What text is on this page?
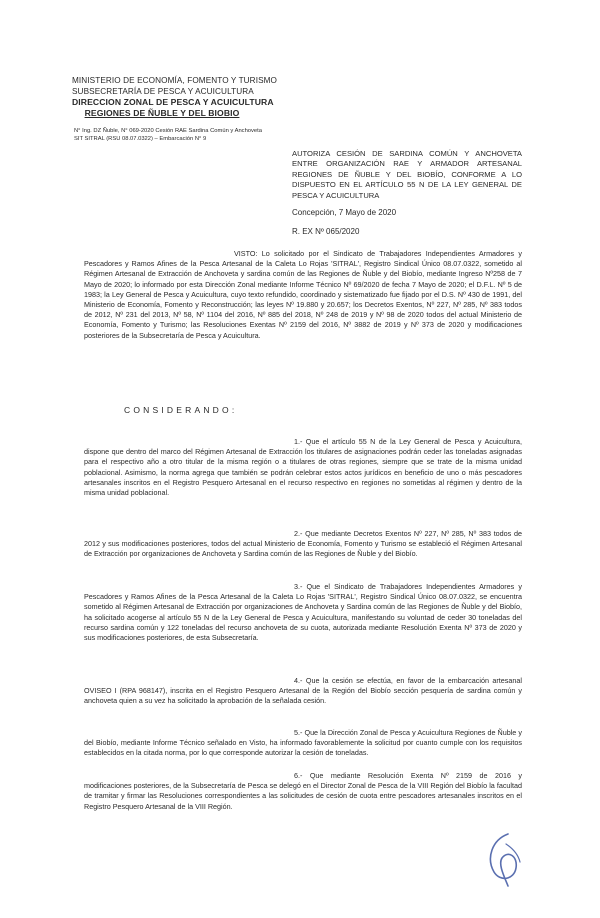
MINISTERIO DE ECONOMÍA, FOMENTO Y TURISMO
SUBSECRETARÍA DE PESCA Y ACUICULTURA
DIRECCION ZONAL DE PESCA Y ACUICULTURA
REGIONES DE ÑUBLE Y DEL BIOBIO
N° Ing. DZ Ñuble, N° 069-2020 Cesión RAE Sardina Común y Anchoveta
SIT SITRAL (RSU 08.07.0322) – Embarcación N° 9
AUTORIZA CESIÓN DE SARDINA COMÚN Y ANCHOVETA ENTRE ORGANIZACIÓN RAE Y ARMADOR ARTESANAL REGIONES DE ÑUBLE Y DEL BIOBÍO, CONFORME A LO DISPUESTO EN EL ARTÍCULO 55 N DE LA LEY GENERAL DE PESCA Y ACUICULTURA
Concepción, 7 Mayo de 2020
R. EX Nº 065/2020
VISTO: Lo solicitado por el Sindicato de Trabajadores Independientes Armadores y Pescadores y Ramos Afines de la Pesca Artesanal de la Caleta Lo Rojas 'SITRAL', Registro Sindical Único 08.07.0322, sometido al Régimen Artesanal de Extracción de Anchoveta y sardina común de las Regiones de Ñuble y del Biobío, mediante Ingreso Nº258 de 7 Mayo de 2020; lo informado por esta Dirección Zonal mediante Informe Técnico Nº 69/2020 de fecha 7 Mayo de 2020; el D.F.L. Nº 5 de 1983; la Ley General de Pesca y Acuicultura, cuyo texto refundido, coordinado y sistematizado fue fijado por el D.S. Nº 430 de 1991, del Ministerio de Economía, Fomento y Reconstrucción; las leyes Nº 19.880 y 20.657; los Decretos Exentos, Nº 227, Nº 285, Nº 383 todos de 2012, Nº 231 del 2013, Nº 58, Nº 1104 del 2016, Nº 885 del 2018, Nº 248 de 2019 y Nº 98 de 2020 todos del actual Ministerio de Economía, Fomento y Turismo; las Resoluciones Exentas Nº 2159 del 2016, Nº 3882 de 2019 y Nº 373 de 2020 y modificaciones posteriores de la Subsecretaría de Pesca y Acuicultura.
CONSIDERANDO:
1.- Que el artículo 55 N de la Ley General de Pesca y Acuicultura, dispone que dentro del marco del Régimen Artesanal de Extracción los titulares de asignaciones podrán ceder las toneladas asignadas para el respectivo año a otro titular de la misma región o a titulares de otras regiones, siempre que se trate de la misma unidad poblacional. Asimismo, la norma agrega que también se podrán celebrar estos actos jurídicos en beneficio de uno o más pescadores artesanales inscritos en el Registro Pesquero Artesanal en el recurso respectivo en regiones no sometidas al régimen y dentro de la misma unidad poblacional.
2.- Que mediante Decretos Exentos Nº 227, Nº 285, Nº 383 todos de 2012 y sus modificaciones posteriores, todos del actual Ministerio de Economía, Fomento y Turismo se estableció el Régimen Artesanal de Extracción por organizaciones de Anchoveta y Sardina común de las Regiones de Ñuble y del Biobío.
3.- Que el Sindicato de Trabajadores Independientes Armadores y Pescadores y Ramos Afines de la Pesca Artesanal de la Caleta Lo Rojas 'SITRAL', Registro Sindical Único 08.07.0322, se encuentra sometido al Régimen Artesanal de Extracción por organizaciones de Anchoveta y Sardina común de las Regiones de Ñuble y del Biobío, ha solicitado acogerse al artículo 55 N de la Ley General de Pesca y Acuicultura, manifestando su voluntad de ceder 30 toneladas del recurso sardina común y 122 toneladas del recurso anchoveta de su cuota, autorizada mediante Resolución Exenta Nº 373 de 2020 y sus modificaciones posteriores, de esta Subsecretaría.
4.- Que la cesión se efectúa, en favor de la embarcación artesanal OVISEO I (RPA 968147), inscrita en el Registro Pesquero Artesanal de la Región del Biobío sección pesquería de sardina común y anchoveta quien a su vez ha solicitado la aprobación de la señalada cesión.
5.- Que la Dirección Zonal de Pesca y Acuicultura Regiones de Ñuble y del Biobío, mediante Informe Técnico señalado en Visto, ha informado favorablemente la solicitud por cuanto cumple con los requisitos establecidos en la citada norma, por lo que corresponde autorizar la cesión de toneladas.
6.- Que mediante Resolución Exenta Nº 2159 de 2016 y modificaciones posteriores, de la Subsecretaría de Pesca se delegó en el Director Zonal de Pesca de la VIII Región del Biobío la facultad de tramitar y firmar las Resoluciones correspondientes a las solicitudes de cesión de cuota entre pescadores artesanales inscritos en el Registro Pesquero Artesanal de la VIII Región.
